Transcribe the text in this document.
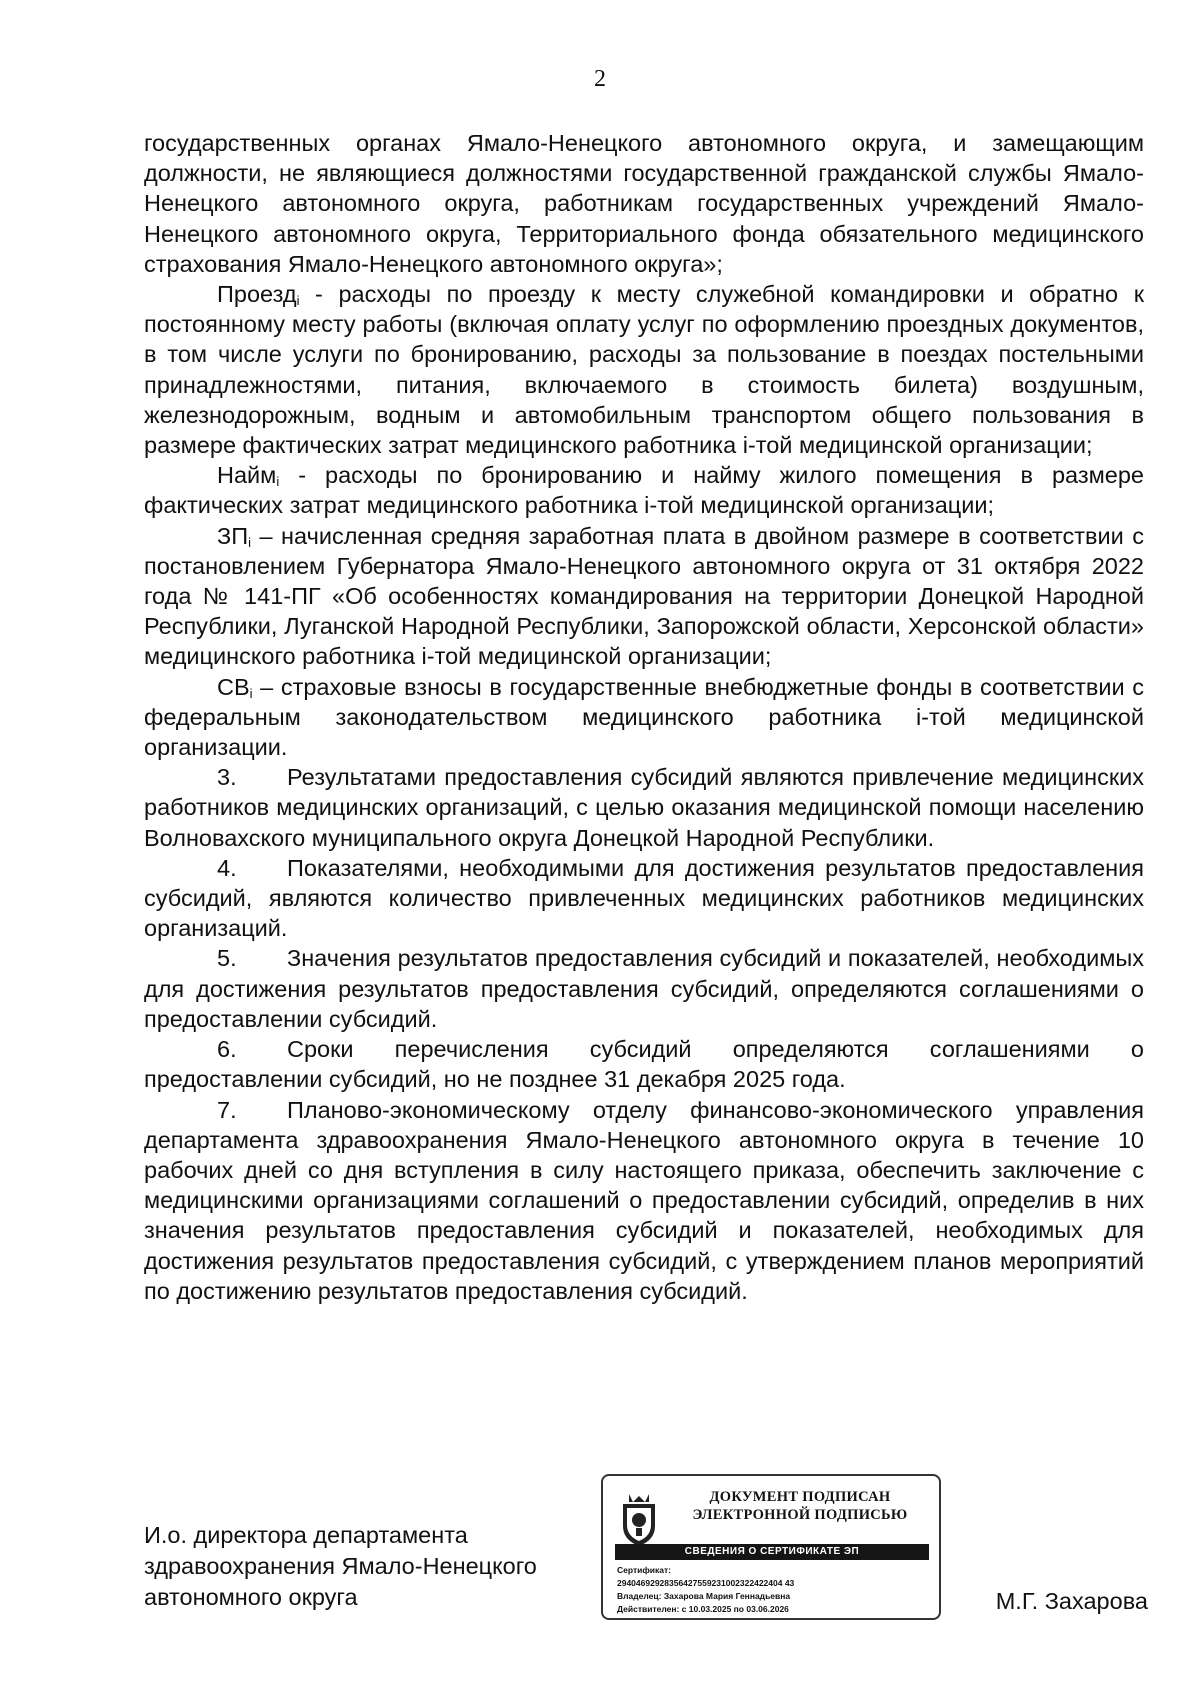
2

государственных органах Ямало-Ненецкого автономного округа, и замещающим должности, не являющиеся должностями государственной гражданской службы Ямало-Ненецкого автономного округа, работникам государственных учреждений Ямало-Ненецкого автономного округа, Территориального фонда обязательного медицинского страхования Ямало-Ненецкого автономного округа»;

Проезд$_i$ - расходы по проезду к месту служебной командировки и обратно к постоянному месту работы (включая оплату услуг по оформлению проездных документов, в том числе услуги по бронированию, расходы за пользование в поездах постельными принадлежностями, питания, включаемого в стоимость билета) воздушным, железнодорожным, водным и автомобильным транспортом общего пользования в размере фактических затрат медицинского работника i-той медицинской организации;

Найм$_i$ - расходы по бронированию и найму жилого помещения в размере фактических затрат медицинского работника i-той медицинской организации;

$ЗП_i$ – начисленная средняя заработная плата в двойном размере в соответствии с постановлением Губернатора Ямало-Ненецкого автономного округа от 31 октября 2022 года № 141-ПГ «Об особенностях командирования на территории Донецкой Народной Республики, Луганской Народной Республики, Запорожской области, Херсонской области» медицинского работника i-той медицинской организации;

$СВ_i$ – страховые взносы в государственные внебюджетные фонды в соответствии с федеральным законодательством медицинского работника i-той медицинской организации.

3. Результатами предоставления субсидий являются привлечение медицинских работников медицинских организаций, с целью оказания медицинской помощи населению Волновахского муниципального округа Донецкой Народной Республики.

4. Показателями, необходимыми для достижения результатов предоставления субсидий, являются количество привлеченных медицинских работников медицинских организаций.

5. Значения результатов предоставления субсидий и показателей, необходимых для достижения результатов предоставления субсидий, определяются соглашениями о предоставлении субсидий.

6. Сроки перечисления субсидий определяются соглашениями о предоставлении субсидий, но не позднее 31 декабря 2025 года.

7. Планово-экономическому отделу финансово-экономического управления департамента здравоохранения Ямало-Ненецкого автономного округа в течение 10 рабочих дней со дня вступления в силу настоящего приказа, обеспечить заключение с медицинскими организациями соглашений о предоставлении субсидий, определив в них значения результатов предоставления субсидий и показателей, необходимых для достижения результатов предоставления субсидий, с утверждением планов мероприятий по достижению результатов предоставления субсидий.

И.о. директора департамента
здравоохранения Ямало-Ненецкого
автономного округа
ДОКУМЕНТ ПОДПИСАН
ЭЛЕКТРОННОЙ ПОДПИСЬЮ
СВЕДЕНИЯ О СЕРТИФИКАТЕ ЭП
Сертификат:
29404692928356427559231002322422404 43
Владелец: Захарова Мария Геннадьевна
Действителен: с 10.03.2025 по 03.06.2026	М.Г. Захарова
